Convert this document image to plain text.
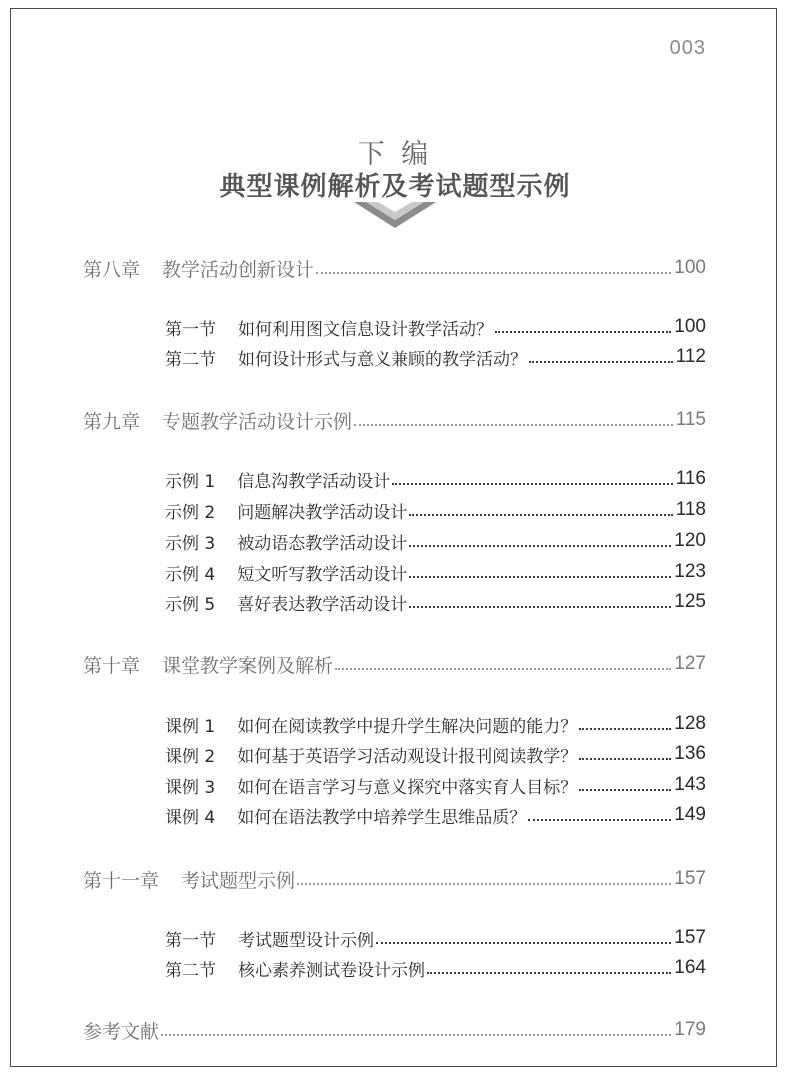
003
下 编
典型课例解析及考试题型示例
第八章 教学活动创新设计	100
第一节 如何利用图文信息设计教学活动？	100
第二节 如何设计形式与意义兼顾的教学活动？	112
第九章 专题教学活动设计示例	115
示例 1 信息沟教学活动设计	116
示例 2 问题解决教学活动设计	118
示例 3 被动语态教学活动设计	120
示例 4 短文听写教学活动设计	123
示例 5 喜好表达教学活动设计	125
第十章 课堂教学案例及解析	127
课例 1 如何在阅读教学中提升学生解决问题的能力？	128
课例 2 如何基于英语学习活动观设计报刊阅读教学？	136
课例 3 如何在语言学习与意义探究中落实育人目标？	143
课例 4 如何在语法教学中培养学生思维品质？	149
第十一章 考试题型示例	157
第一节 考试题型设计示例	157
第二节 核心素养测试卷设计示例	164
参考文献	179
